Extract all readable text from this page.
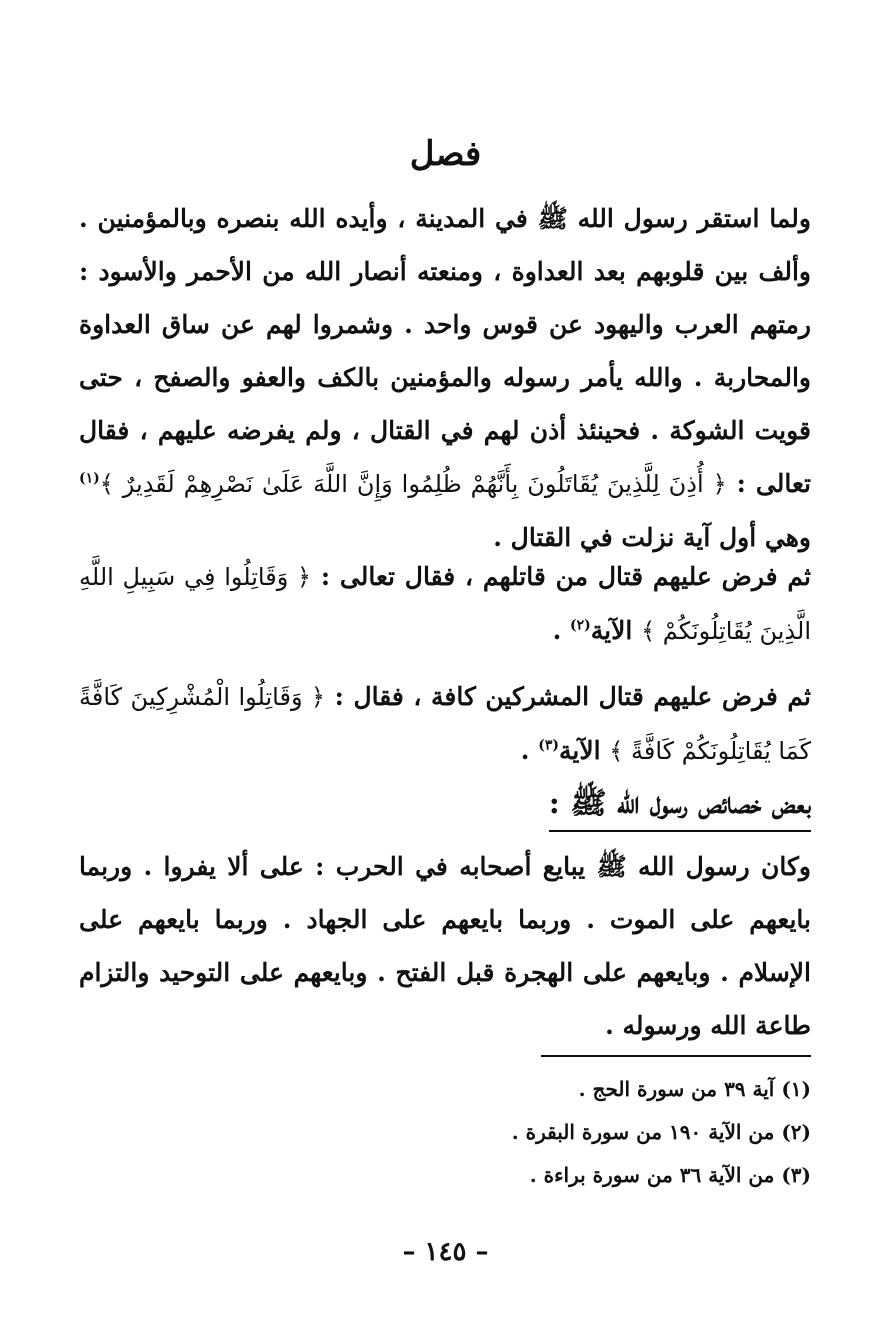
فصل
ولما استقر رسول الله ﷺ في المدينة ، وأيده الله بنصره وبالمؤمنين . وألف بين قلوبهم بعد العداوة ، ومنعته أنصار الله من الأحمر والأسود : رمتهم العرب واليهود عن قوس واحد . وشمروا لهم عن ساق العداوة والمحاربة . والله يأمر رسوله والمؤمنين بالكف والعفو والصفح ، حتى قويت الشوكة . فحينئذ أذن لهم في القتال ، ولم يفرضه عليهم ، فقال تعالى : ﴿ أُذِنَ لِلَّذِينَ يُقَاتَلُونَ بِأَنَّهُمْ ظُلِمُوا وَإِنَّ اللَّهَ عَلَىٰ نَصْرِهِمْ لَقَدِيرٌ ﴾$^{(١)}$ وهي أول آية نزلت في القتال .
ثم فرض عليهم قتال من قاتلهم ، فقال تعالى : ﴿ وَقَاتِلُوا فِي سَبِيلِ اللَّهِ الَّذِينَ يُقَاتِلُونَكُمْ ﴾ الآية$^{(٢)}$ .
ثم فرض عليهم قتال المشركين كافة ، فقال : ﴿ وَقَاتِلُوا الْمُشْرِكِينَ كَافَّةً كَمَا يُقَاتِلُونَكُمْ كَافَّةً ﴾ الآية$^{(٣)}$ .
بعض خصائص رسول الله ﷺ :
وكان رسول الله ﷺ يبايع أصحابه في الحرب : على ألا يفروا . وربما بايعهم على الموت . وربما بايعهم على الجهاد . وربما بايعهم على الإسلام . وبايعهم على الهجرة قبل الفتح . وبايعهم على التوحيد والتزام طاعة الله ورسوله .
(١) آية ٣٩ من سورة الحج .
(٢) من الآية ١٩٠ من سورة البقرة .
(٣) من الآية ٣٦ من سورة براءة .
– ١٤٥ –
